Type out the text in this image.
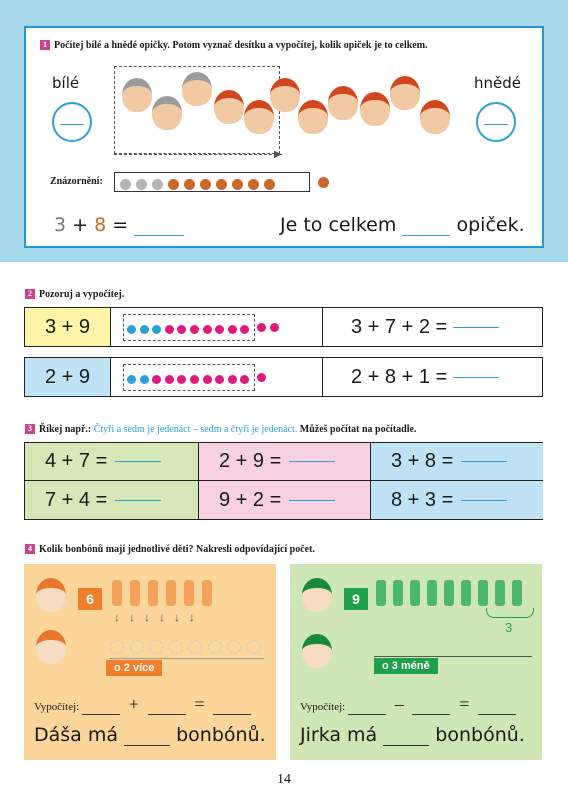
1 Počítej bílé a hnědé opičky. Potom vyznač desítku a vypočítej, kolik opiček je to celkem.
bílé	hnědé
▶
Znázornění:
3 + 8 =	Je to celkem	opiček.
2 Pozoruj a vypočítej.
3 + 9	3 + 7 + 2 =
2 + 9	2 + 8 + 1 =
3 Říkej např.: Čtyři a sedm je jedenáct – sedm a čtyři je jedenáct. Můžeš počítat na počítadle.
4 + 7 =	2 + 9 =	3 + 8 =
7 + 4 =	9 + 2 =	8 + 3 =
4 Kolik bonbónů mají jednotlivé děti? Nakresli odpovídající počet.
6
↓↓↓↓↓↓
o 2 více
Vypočítej:	+	=
Dáša má	bonbónů.
9
3
o 3 méně
Vypočítej:	–	=
Jirka má	bonbónů.
14
